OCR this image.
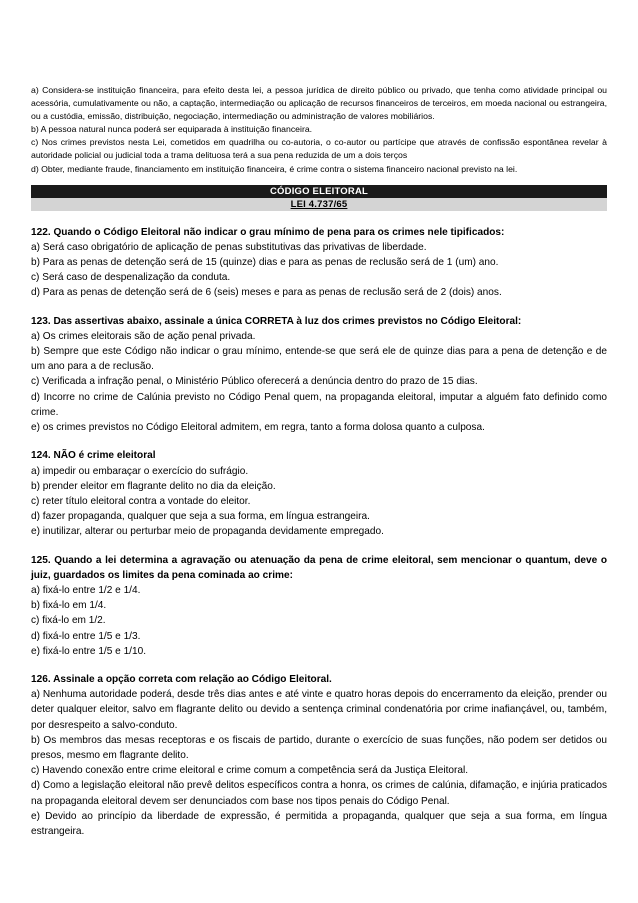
a) Considera-se instituição financeira, para efeito desta lei, a pessoa jurídica de direito público ou privado, que tenha como atividade principal ou acessória, cumulativamente ou não, a captação, intermediação ou aplicação de recursos financeiros de terceiros, em moeda nacional ou estrangeira, ou a custódia, emissão, distribuição, negociação, intermediação ou administração de valores mobiliários.

b) A pessoa natural nunca poderá ser equiparada à instituição financeira.

c) Nos crimes previstos nesta Lei, cometidos em quadrilha ou co-autoria, o co-autor ou partícipe que através de confissão espontânea revelar à autoridade policial ou judicial toda a trama delituosa terá a sua pena reduzida de um a dois terços

d) Obter, mediante fraude, financiamento em instituição financeira, é crime contra o sistema financeiro nacional previsto na lei.

CÓDIGO ELEITORAL
LEI 4.737/65

122. Quando o Código Eleitoral não indicar o grau mínimo de pena para os crimes nele tipificados:

a) Será caso obrigatório de aplicação de penas substitutivas das privativas de liberdade.

b) Para as penas de detenção será de 15 (quinze) dias e para as penas de reclusão será de 1 (um) ano.

c) Será caso de despenalização da conduta.

d) Para as penas de detenção será de 6 (seis) meses e para as penas de reclusão será de 2 (dois) anos.

123. Das assertivas abaixo, assinale a única CORRETA à luz dos crimes previstos no Código Eleitoral:

a) Os crimes eleitorais são de ação penal privada.

b) Sempre que este Código não indicar o grau mínimo, entende-se que será ele de quinze dias para a pena de detenção e de um ano para a de reclusão.

c) Verificada a infração penal, o Ministério Público oferecerá a denúncia dentro do prazo de 15 dias.

d) Incorre no crime de Calúnia previsto no Código Penal quem, na propaganda eleitoral, imputar a alguém fato definido como crime.

e) os crimes previstos no Código Eleitoral admitem, em regra, tanto a forma dolosa quanto a culposa.

124. NÃO é crime eleitoral

a) impedir ou embaraçar o exercício do sufrágio.

b) prender eleitor em flagrante delito no dia da eleição.

c) reter título eleitoral contra a vontade do eleitor.

d) fazer propaganda, qualquer que seja a sua forma, em língua estrangeira.

e) inutilizar, alterar ou perturbar meio de propaganda devidamente empregado.

125. Quando a lei determina a agravação ou atenuação da pena de crime eleitoral, sem mencionar o quantum, deve o juiz, guardados os limites da pena cominada ao crime:

a) fixá-lo entre 1/2 e 1/4.

b) fixá-lo em 1/4.

c) fixá-lo em 1/2.

d) fixá-lo entre 1/5 e 1/3.

e) fixá-lo entre 1/5 e 1/10.

126. Assinale a opção correta com relação ao Código Eleitoral.

a) Nenhuma autoridade poderá, desde três dias antes e até vinte e quatro horas depois do encerramento da eleição, prender ou deter qualquer eleitor, salvo em flagrante delito ou devido a sentença criminal condenatória por crime inafiançável, ou, também, por desrespeito a salvo-conduto.

b) Os membros das mesas receptoras e os fiscais de partido, durante o exercício de suas funções, não podem ser detidos ou presos, mesmo em flagrante delito.

c) Havendo conexão entre crime eleitoral e crime comum a competência será da Justiça Eleitoral.

d) Como a legislação eleitoral não prevê delitos específicos contra a honra, os crimes de calúnia, difamação, e injúria praticados na propaganda eleitoral devem ser denunciados com base nos tipos penais do Código Penal.

e) Devido ao princípio da liberdade de expressão, é permitida a propaganda, qualquer que seja a sua forma, em língua estrangeira.
